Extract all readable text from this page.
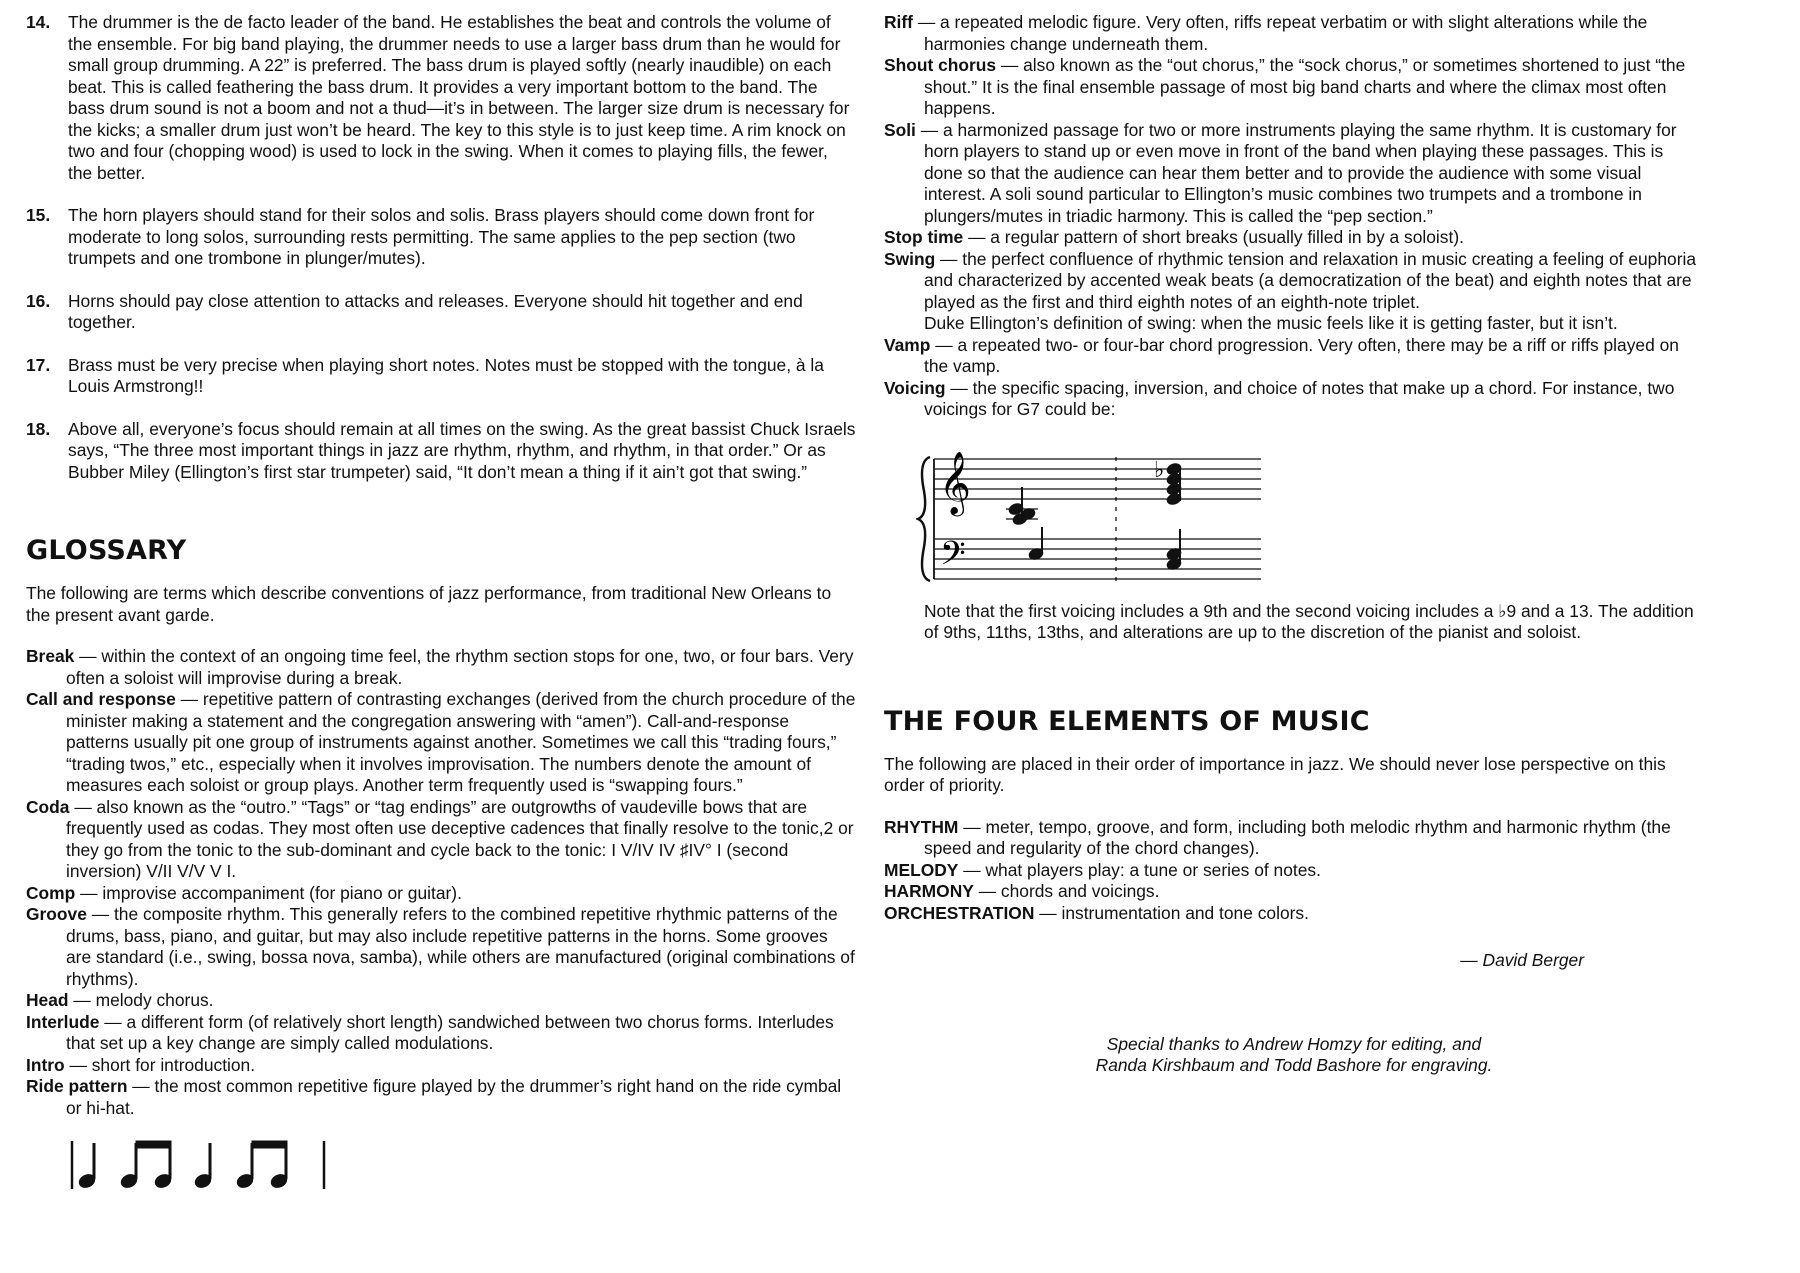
14. The drummer is the de facto leader of the band. He establishes the beat and controls the volume of the ensemble. For big band playing, the drummer needs to use a larger bass drum than he would for small group drumming. A 22” is preferred. The bass drum is played softly (nearly inaudible) on each beat. This is called feathering the bass drum. It provides a very important bottom to the band. The bass drum sound is not a boom and not a thud—it’s in between. The larger size drum is necessary for the kicks; a smaller drum just won’t be heard. The key to this style is to just keep time. A rim knock on two and four (chopping wood) is used to lock in the swing. When it comes to playing fills, the fewer, the better.
15. The horn players should stand for their solos and solis. Brass players should come down front for moderate to long solos, surrounding rests permitting. The same applies to the pep section (two trumpets and one trombone in plunger/mutes).
16. Horns should pay close attention to attacks and releases. Everyone should hit together and end together.
17. Brass must be very precise when playing short notes. Notes must be stopped with the tongue, à la Louis Armstrong!!
18. Above all, everyone’s focus should remain at all times on the swing. As the great bassist Chuck Israels says, “The three most important things in jazz are rhythm, rhythm, and rhythm, in that order.” Or as Bubber Miley (Ellington’s first star trumpeter) said, “It don’t mean a thing if it ain’t got that swing.”
GLOSSARY

The following are terms which describe conventions of jazz performance, from traditional New Orleans to the present avant garde.

Break — within the context of an ongoing time feel, the rhythm section stops for one, two, or four bars. Very often a soloist will improvise during a break.
Call and response — repetitive pattern of contrasting exchanges (derived from the church procedure of the minister making a statement and the congregation answering with “amen”). Call-and-response patterns usually pit one group of instruments against another. Sometimes we call this “trading fours,” “trading twos,” etc., especially when it involves improvisation. The numbers denote the amount of measures each soloist or group plays. Another term frequently used is “swapping fours.”
Coda — also known as the “outro.” “Tags” or “tag endings” are outgrowths of vaudeville bows that are frequently used as codas. They most often use deceptive cadences that finally resolve to the tonic,2 or they go from the tonic to the sub-dominant and cycle back to the tonic: I V/IV IV ♯IV° I (second inversion) V/II V/V V I.
Comp — improvise accompaniment (for piano or guitar).
Groove — the composite rhythm. This generally refers to the combined repetitive rhythmic patterns of the drums, bass, piano, and guitar, but may also include repetitive patterns in the horns. Some grooves are standard (i.e., swing, bossa nova, samba), while others are manufactured (original combinations of rhythms).
Head — melody chorus.
Interlude — a different form (of relatively short length) sandwiched between two chorus forms. Interludes that set up a key change are simply called modulations.
Intro — short for introduction.
Ride pattern — the most common repetitive figure played by the drummer’s right hand on the ride cymbal or hi-hat.
Riff — a repeated melodic figure. Very often, riffs repeat verbatim or with slight alterations while the harmonies change underneath them.
Shout chorus — also known as the “out chorus,” the “sock chorus,” or sometimes shortened to just “the shout.” It is the final ensemble passage of most big band charts and where the climax most often happens.
Soli — a harmonized passage for two or more instruments playing the same rhythm. It is customary for horn players to stand up or even move in front of the band when playing these passages. This is done so that the audience can hear them better and to provide the audience with some visual interest. A soli sound particular to Ellington’s music combines two trumpets and a trombone in plungers/mutes in triadic harmony. This is called the “pep section.”
Stop time — a regular pattern of short breaks (usually filled in by a soloist).
Swing — the perfect confluence of rhythmic tension and relaxation in music creating a feeling of euphoria and characterized by accented weak beats (a democratization of the beat) and eighth notes that are played as the first and third eighth notes of an eighth-note triplet.
Duke Ellington’s definition of swing: when the music feels like it is getting faster, but it isn’t.
Vamp — a repeated two- or four-bar chord progression. Very often, there may be a riff or riffs played on the vamp.
Voicing — the specific spacing, inversion, and choice of notes that make up a chord. For instance, two voicings for G7 could be:
𝄞
𝄢
♭

Note that the first voicing includes a 9th and the second voicing includes a ♭9 and a 13. The addition of 9ths, 11ths, 13ths, and alterations are up to the discretion of the pianist and soloist.

THE FOUR ELEMENTS OF MUSIC

The following are placed in their order of importance in jazz. We should never lose perspective on this order of priority.

RHYTHM — meter, tempo, groove, and form, including both melodic rhythm and harmonic rhythm (the speed and regularity of the chord changes).
MELODY — what players play: a tune or series of notes.
HARMONY — chords and voicings.
ORCHESTRATION — instrumentation and tone colors.

— David Berger

Special thanks to Andrew Homzy for editing, and
Randa Kirshbaum and Todd Bashore for engraving.
